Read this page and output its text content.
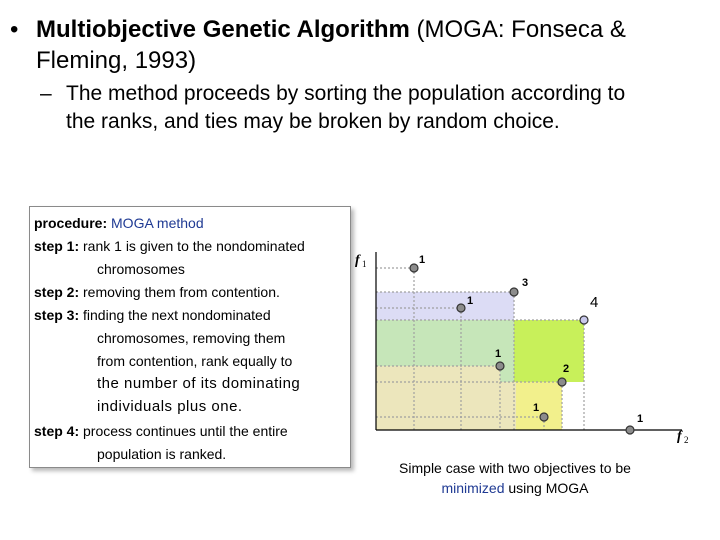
• Multiobjective Genetic Algorithm (MOGA: Fonseca &
Fleming, 1993)
– The method proceeds by sorting the population according to
the ranks, and ties may be broken by random choice.
procedure: MOGA method
step 1: rank 1 is given to the nondominated
chromosomes
step 2: removing them from contention.
step 3: finding the next nondominated
chromosomes, removing them
from contention, rank equally to
the number of its dominating
individuals plus one.
step 4: process continues until the entire
population is ranked.
f 1
f 2
1
3
1	4
1
2
1
1
Simple case with two objectives to be
minimized using MOGA
